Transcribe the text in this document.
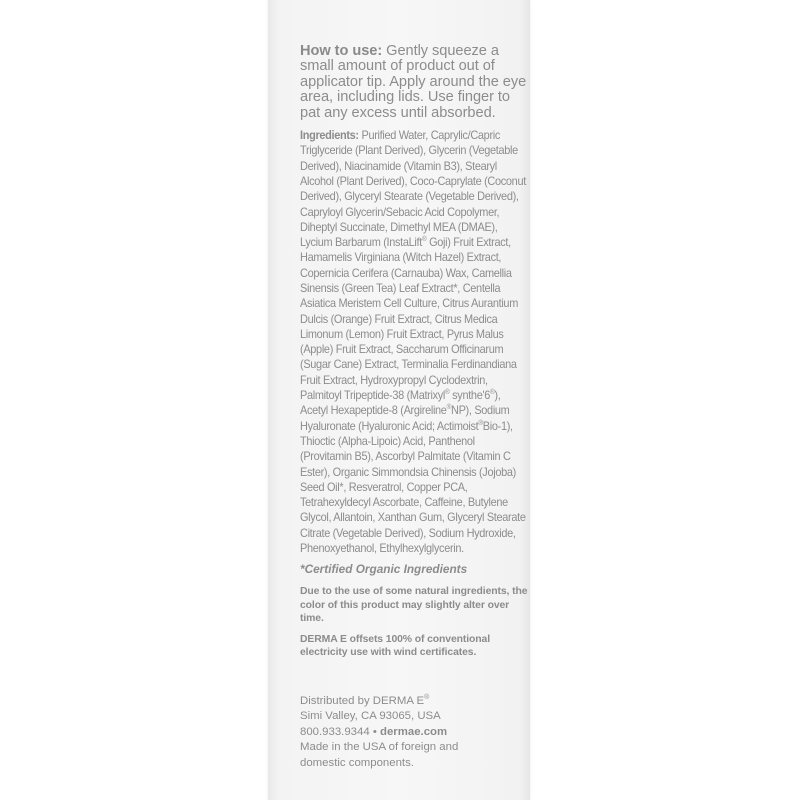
How to use: Gently squeeze a small amount of product out of applicator tip. Apply around the eye area, including lids. Use finger to pat any excess until absorbed.

Ingredients: Purified Water, Caprylic/Capric Triglyceride (Plant Derived), Glycerin (Vegetable Derived), Niacinamide (Vitamin B3), Stearyl Alcohol (Plant Derived), Coco-Caprylate (Coconut Derived), Glyceryl Stearate (Vegetable Derived), Capryloyl Glycerin/Sebacic Acid Copolymer, Diheptyl Succinate, Dimethyl MEA (DMAE), Lycium Barbarum (InstaLift® Goji) Fruit Extract, Hamamelis Virginiana (Witch Hazel) Extract, Copernicia Cerifera (Carnauba) Wax, Camellia Sinensis (Green Tea) Leaf Extract*, Centella Asiatica Meristem Cell Culture, Citrus Aurantium Dulcis (Orange) Fruit Extract, Citrus Medica Limonum (Lemon) Fruit Extract, Pyrus Malus (Apple) Fruit Extract, Saccharum Officinarum (Sugar Cane) Extract, Terminalia Ferdinandiana Fruit Extract, Hydroxypropyl Cyclodextrin, Palmitoyl Tripeptide-38 (Matrixyl® synthe'6®), Acetyl Hexapeptide-8 (Argireline®NP), Sodium Hyaluronate (Hyaluronic Acid; Actimoist®Bio-1), Thioctic (Alpha-Lipoic) Acid, Panthenol (Provitamin B5), Ascorbyl Palmitate (Vitamin C Ester), Organic Simmondsia Chinensis (Jojoba) Seed Oil*, Resveratrol, Copper PCA, Tetrahexyldecyl Ascorbate, Caffeine, Butylene Glycol, Allantoin, Xanthan Gum, Glyceryl Stearate Citrate (Vegetable Derived), Sodium Hydroxide, Phenoxyethanol, Ethylhexylglycerin.

*Certified Organic Ingredients
Due to the use of some natural ingredients, the color of this product may slightly alter over time.
DERMA E offsets 100% of conventional electricity use with wind certificates.
Distributed by DERMA E®
Simi Valley, CA 93065, USA
800.933.9344 • dermae.com
Made in the USA of foreign and
domestic components.
